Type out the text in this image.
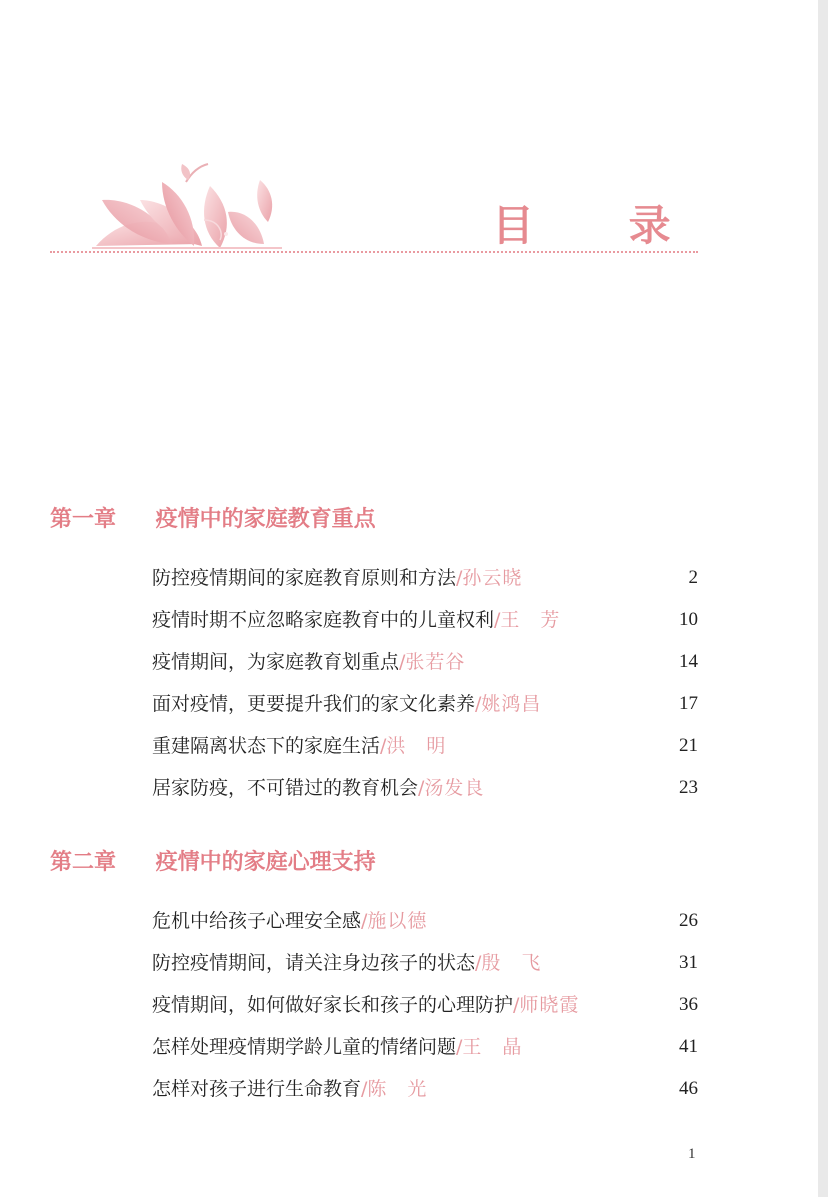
目 录
第一章 疫情中的家庭教育重点
防控疫情期间的家庭教育原则和方法/孙云晓	2
疫情时期不应忽略家庭教育中的儿童权利/王　芳	10
疫情期间，为家庭教育划重点/张若谷	14
面对疫情，更要提升我们的家文化素养/姚鸿昌	17
重建隔离状态下的家庭生活/洪　明	21
居家防疫，不可错过的教育机会/汤发良	23
第二章 疫情中的家庭心理支持
危机中给孩子心理安全感/施以德	26
防控疫情期间，请关注身边孩子的状态/殷　飞	31
疫情期间，如何做好家长和孩子的心理防护/师晓霞	36
怎样处理疫情期学龄儿童的情绪问题/王　晶	41
怎样对孩子进行生命教育/陈　光	46
1
